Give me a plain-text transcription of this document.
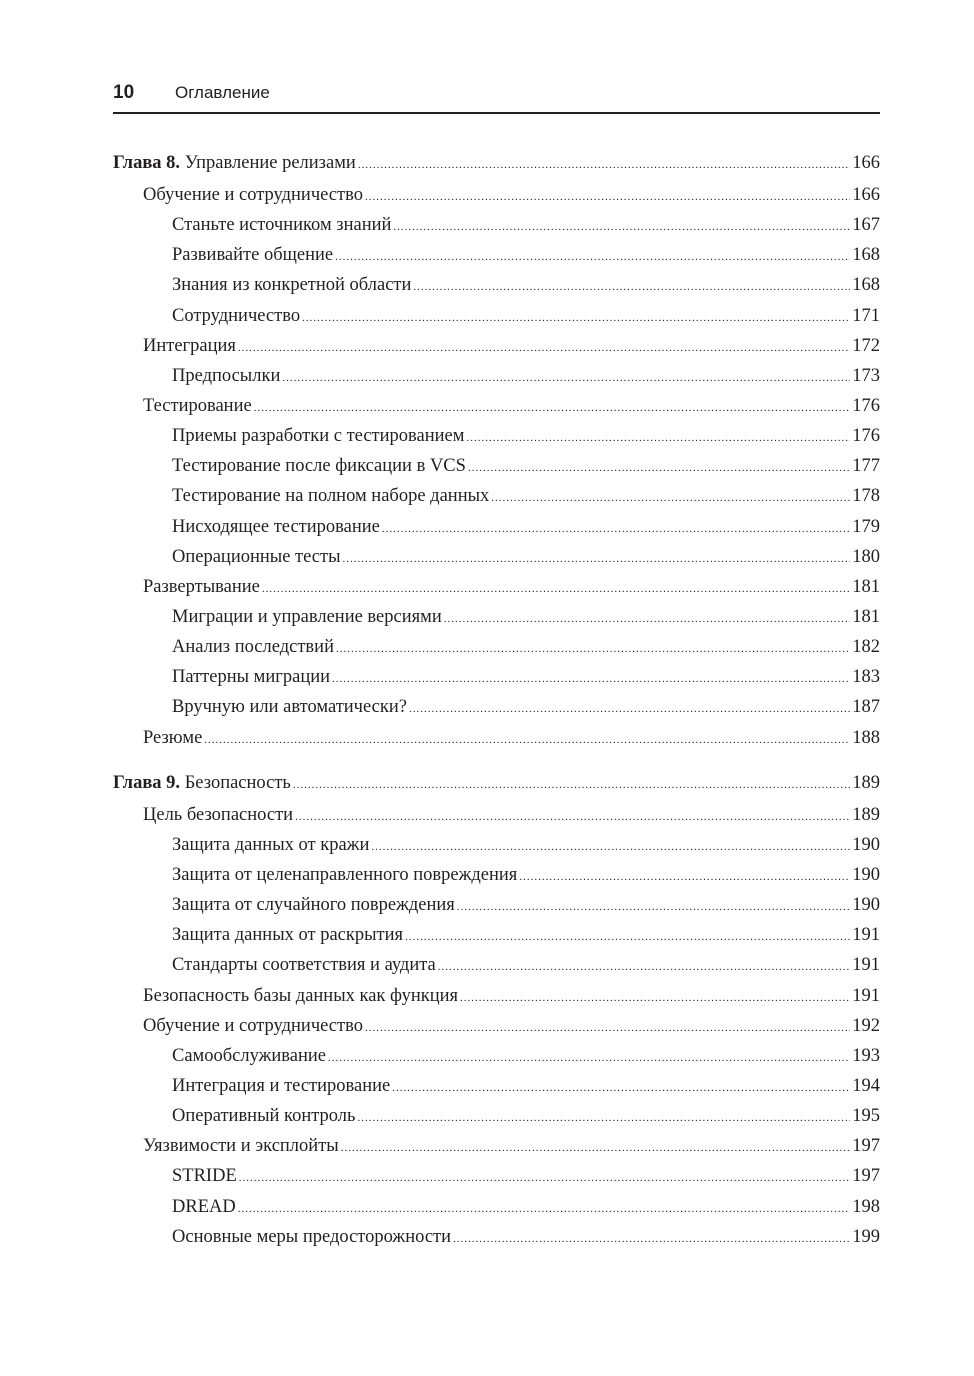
10 Оглавление
Глава 8. Управление релизами .....	166
Обучение и сотрудничество .....	166
Станьте источником знаний .....	167
Развивайте общение .....	168
Знания из конкретной области .....	168
Сотрудничество .....	171
Интеграция .....	172
Предпосылки .....	173
Тестирование .....	176
Приемы разработки с тестированием .....	176
Тестирование после фиксации в VCS .....	177
Тестирование на полном наборе данных .....	178
Нисходящее тестирование .....	179
Операционные тесты .....	180
Развертывание .....	181
Миграции и управление версиями .....	181
Анализ последствий .....	182
Паттерны миграции .....	183
Вручную или автоматически? .....	187
Резюме .....	188
Глава 9. Безопасность .....	189
Цель безопасности .....	189
Защита данных от кражи .....	190
Защита от целенаправленного повреждения .....	190
Защита от случайного повреждения .....	190
Защита данных от раскрытия .....	191
Стандарты соответствия и аудита .....	191
Безопасность базы данных как функция .....	191
Обучение и сотрудничество .....	192
Самообслуживание .....	193
Интеграция и тестирование .....	194
Оперативный контроль .....	195
Уязвимости и эксплойты .....	197
STRIDE .....	197
DREAD .....	198
Основные меры предосторожности .....	199
